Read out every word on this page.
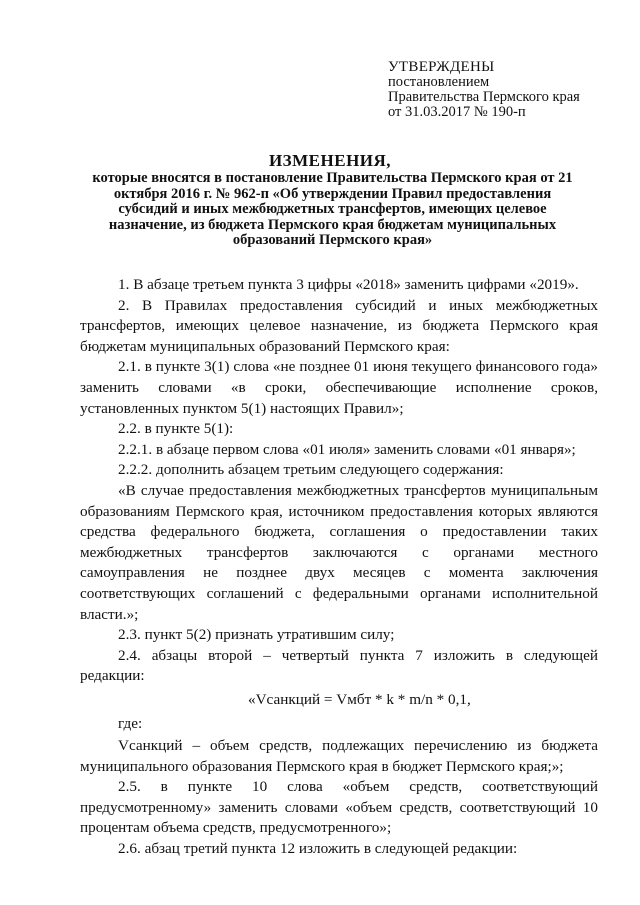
УТВЕРЖДЕНЫ
постановлением
Правительства Пермского края
от 31.03.2017 № 190-п
ИЗМЕНЕНИЯ,
которые вносятся в постановление Правительства Пермского края от 21 октября 2016 г. № 962-п «Об утверждении Правил предоставления субсидий и иных межбюджетных трансфертов, имеющих целевое назначение, из бюджета Пермского края бюджетам муниципальных образований Пермского края»

1. В абзаце третьем пункта 3 цифры «2018» заменить цифрами «2019».

2. В Правилах предоставления субсидий и иных межбюджетных трансфертов, имеющих целевое назначение, из бюджета Пермского края бюджетам муниципальных образований Пермского края:

2.1. в пункте 3(1) слова «не позднее 01 июня текущего финансового года» заменить словами «в сроки, обеспечивающие исполнение сроков, установленных пунктом 5(1) настоящих Правил»;

2.2. в пункте 5(1):

2.2.1. в абзаце первом слова «01 июля» заменить словами «01 января»;

2.2.2. дополнить абзацем третьим следующего содержания:

«В случае предоставления межбюджетных трансфертов муниципальным образованиям Пермского края, источником предоставления которых являются средства федерального бюджета, соглашения о предоставлении таких межбюджетных трансфертов заключаются с органами местного самоуправления не позднее двух месяцев с момента заключения соответствующих соглашений с федеральными органами исполнительной власти.»;

2.3. пункт 5(2) признать утратившим силу;

2.4. абзацы второй – четвертый пункта 7 изложить в следующей редакции:

«Vсанкций = Vмбт * k * m/n * 0,1,

где:

Vсанкций – объем средств, подлежащих перечислению из бюджета муниципального образования Пермского края в бюджет Пермского края;»;

2.5. в пункте 10 слова «объем средств, соответствующий предусмотренному» заменить словами «объем средств, соответствующий 10 процентам объема средств, предусмотренного»;

2.6. абзац третий пункта 12 изложить в следующей редакции:
